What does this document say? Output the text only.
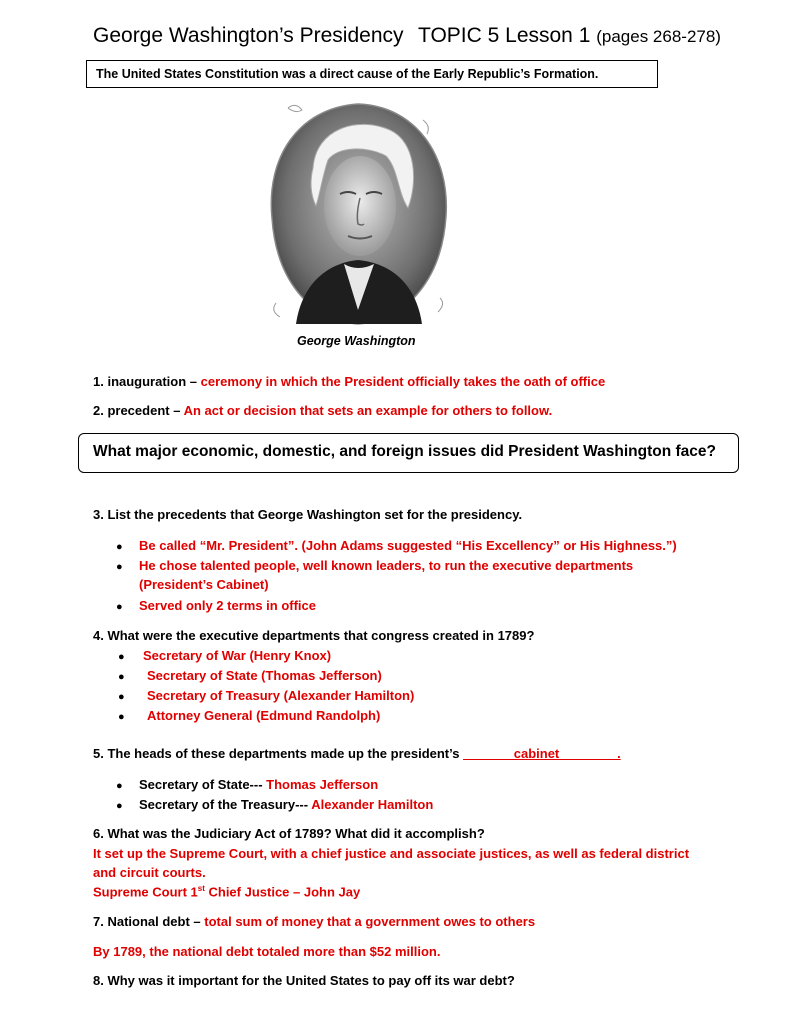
George Washington’s Presidency TOPIC 5 Lesson 1 (pages 268-278)
The United States Constitution was a direct cause of the Early Republic’s Formation.
George Washington
1. inauguration – ceremony in which the President officially takes the oath of office
2. precedent – An act or decision that sets an example for others to follow.
What major economic, domestic, and foreign issues did President Washington face?
3. List the precedents that George Washington set for the presidency.
● Be called “Mr. President”. (John Adams suggested “His Excellency” or His Highness.”)
● He chose talented people, well known leaders, to run the executive departments
(President’s Cabinet)
● Served only 2 terms in office
4. What were the executive departments that congress created in 1789?
● Secretary of War (Henry Knox)
● Secretary of State (Thomas Jefferson)
● Secretary of Treasury (Alexander Hamilton)
● Attorney General (Edmund Randolph)
5. The heads of these departments made up the president’s _______cabinet________.
● Secretary of State--- Thomas Jefferson
● Secretary of the Treasury--- Alexander Hamilton
6. What was the Judiciary Act of 1789? What did it accomplish?
It set up the Supreme Court, with a chief justice and associate justices, as well as federal district
and circuit courts.
Supreme Court 1st Chief Justice – John Jay
7. National debt – total sum of money that a government owes to others
By 1789, the national debt totaled more than $52 million.
8. Why was it important for the United States to pay off its war debt?
